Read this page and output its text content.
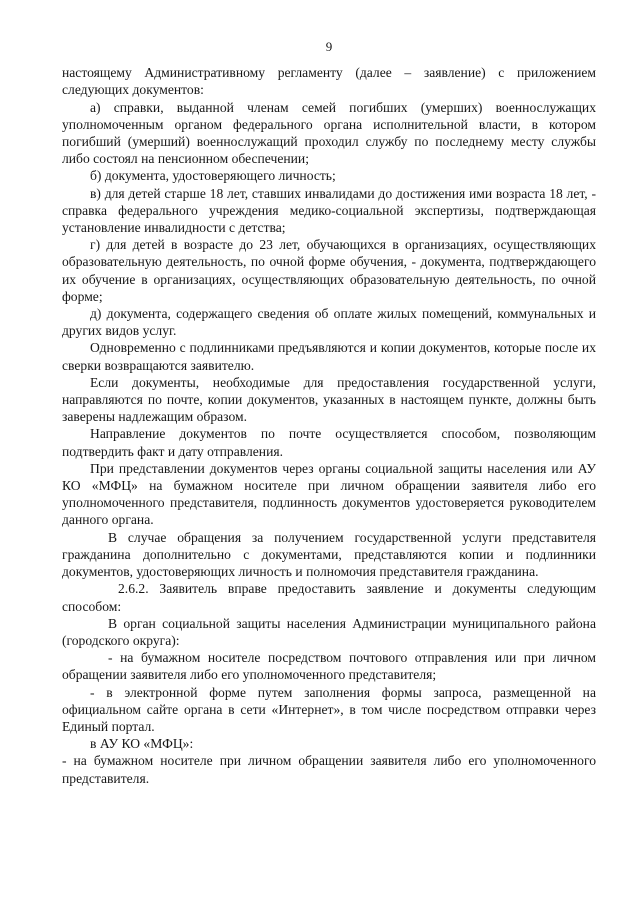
9

настоящему Административному регламенту (далее – заявление) с приложением следующих документов:

а) справки, выданной членам семей погибших (умерших) военнослужащих уполномоченным органом федерального органа исполнительной власти, в котором погибший (умерший) военнослужащий проходил службу по последнему месту службы либо состоял на пенсионном обеспечении;

б) документа, удостоверяющего личность;

в) для детей старше 18 лет, ставших инвалидами до достижения ими возраста 18 лет, - справка федерального учреждения медико-социальной экспертизы, подтверждающая установление инвалидности с детства;

г) для детей в возрасте до 23 лет, обучающихся в организациях, осуществляющих образовательную деятельность, по очной форме обучения, - документа, подтверждающего их обучение в организациях, осуществляющих образовательную деятельность, по очной форме;

д) документа, содержащего сведения об оплате жилых помещений, коммунальных и других видов услуг.

Одновременно с подлинниками предъявляются и копии документов, которые после их сверки возвращаются заявителю.

Если документы, необходимые для предоставления государственной услуги, направляются по почте, копии документов, указанных в настоящем пункте, должны быть заверены надлежащим образом.

Направление документов по почте осуществляется способом, позволяющим подтвердить факт и дату отправления.

При представлении документов через органы социальной защиты населения или АУ КО «МФЦ» на бумажном носителе при личном обращении заявителя либо его уполномоченного представителя, подлинность документов удостоверяется руководителем данного органа.

В случае обращения за получением государственной услуги представителя гражданина дополнительно с документами, представляются копии и подлинники документов, удостоверяющих личность и полномочия представителя гражданина.

2.6.2. Заявитель вправе предоставить заявление и документы следующим способом:

В орган социальной защиты населения Администрации муниципального района (городского округа):

- на бумажном носителе посредством почтового отправления или при личном обращении заявителя либо его уполномоченного представителя;

- в электронной форме путем заполнения формы запроса, размещенной на официальном сайте органа в сети «Интернет», в том числе посредством отправки через Единый портал.

в АУ КО «МФЦ»:

- на бумажном носителе при личном обращении заявителя либо его уполномоченного представителя.
